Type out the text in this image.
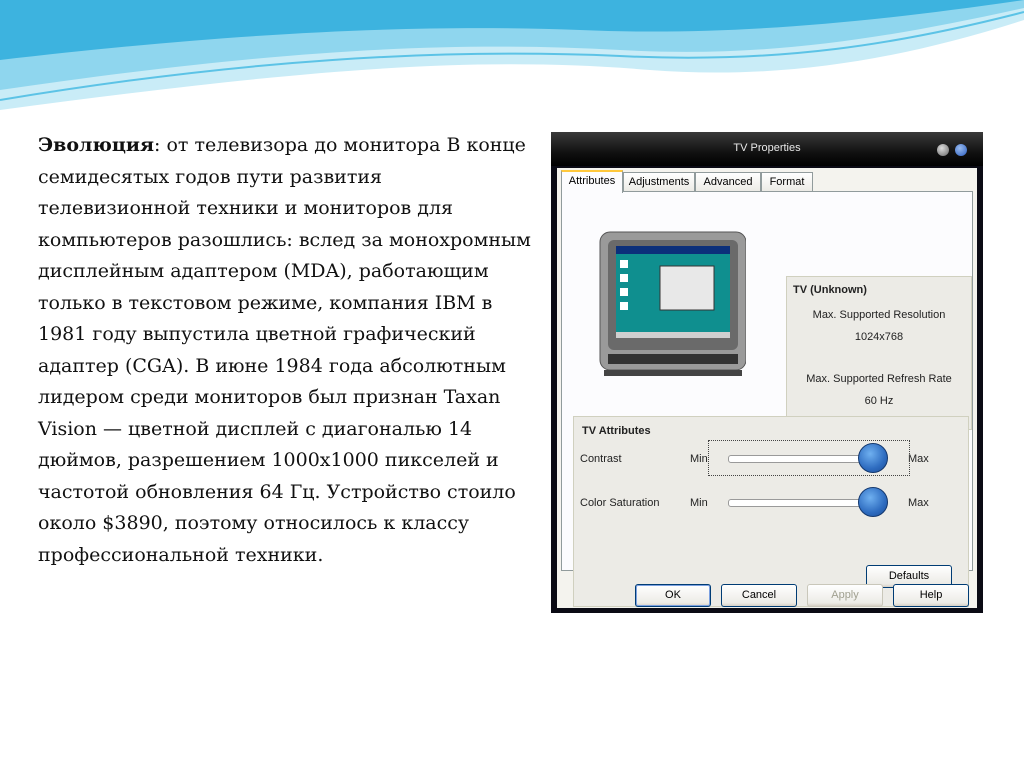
Эволюция: от телевизора до монитора В конце семидесятых годов пути развития телевизионной техники и мониторов для компьютеров разошлись: вслед за монохромным дисплейным адаптером (MDA), работающим только в текстовом режиме, компания IBM в 1981 году выпустила цветной графический адаптер (CGA). В июне 1984 года абсолютным лидером среди мониторов был признан Taxan Vision — цветной дисплей с диагональю 14 дюймов, разрешением 1000х1000 пикселей и частотой обновления 64 Гц. Устройство стоило около $3890, поэтому относилось к классу профессиональной техники.
TV Properties
Attributes	Adjustments	Advanced	Format
TV (Unknown)
Max. Supported Resolution
1024x768
Max. Supported Refresh Rate
60 Hz
TV Attributes
Contrast	Min	Max
Color Saturation	Min	Max
Defaults
OK	Cancel	Apply	Help
